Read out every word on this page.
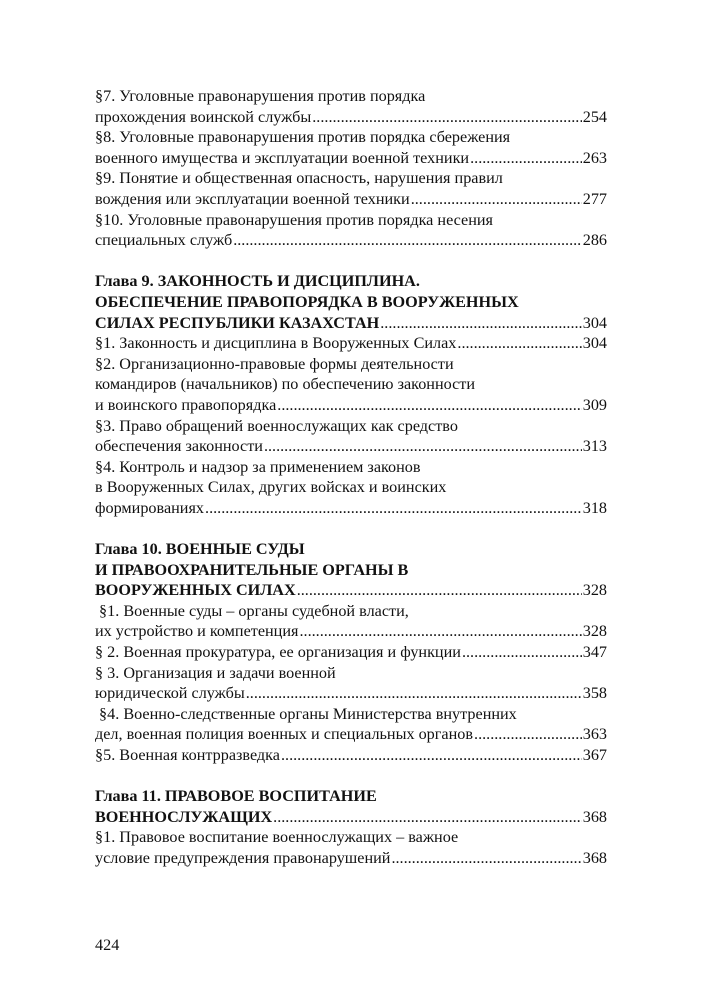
§7. Уголовные правонарушения против порядка
прохождения воинской службы .....	254
§8. Уголовные правонарушения против порядка сбережения
военного имущества и эксплуатации военной техники .....	263
§9. Понятие и общественная опасность, нарушения правил
вождения или эксплуатации военной техники .....	277
§10. Уголовные правонарушения против порядка несения
специальных служб .....	286
Глава 9. ЗАКОННОСТЬ И ДИСЦИПЛИНА.
ОБЕСПЕЧЕНИЕ ПРАВОПОРЯДКА В ВООРУЖЕННЫХ
СИЛАХ РЕСПУБЛИКИ КАЗАХСТАН .....	304
§1. Законность и дисциплина в Вооруженных Силах .....	304
§2. Организационно-правовые формы деятельности
командиров (начальников) по обеспечению законности
и воинского правопорядка .....	309
§3. Право обращений военнослужащих как средство
обеспечения законности .....	313
§4. Контроль и надзор за применением законов
в Вооруженных Силах, других войсках и воинских
формированиях .....	318
Глава 10. ВОЕННЫЕ СУДЫ
И ПРАВООХРАНИТЕЛЬНЫЕ ОРГАНЫ В
ВООРУЖЕННЫХ СИЛАХ .....	328
§1. Военные суды – органы судебной власти,
их устройство и компетенция .....	328
§ 2. Военная прокуратура, ее организация и функции .....	347
§ 3. Организация и задачи военной
юридической службы .....	358
§4. Военно-следственные органы Министерства внутренних
дел, военная полиция военных и специальных органов .....	363
§5. Военная контрразведка .....	367
Глава 11. ПРАВОВОЕ ВОСПИТАНИЕ
ВОЕННОСЛУЖАЩИХ .....	368
§1. Правовое воспитание военнослужащих – важное
условие предупреждения правонарушений .....	368
424
